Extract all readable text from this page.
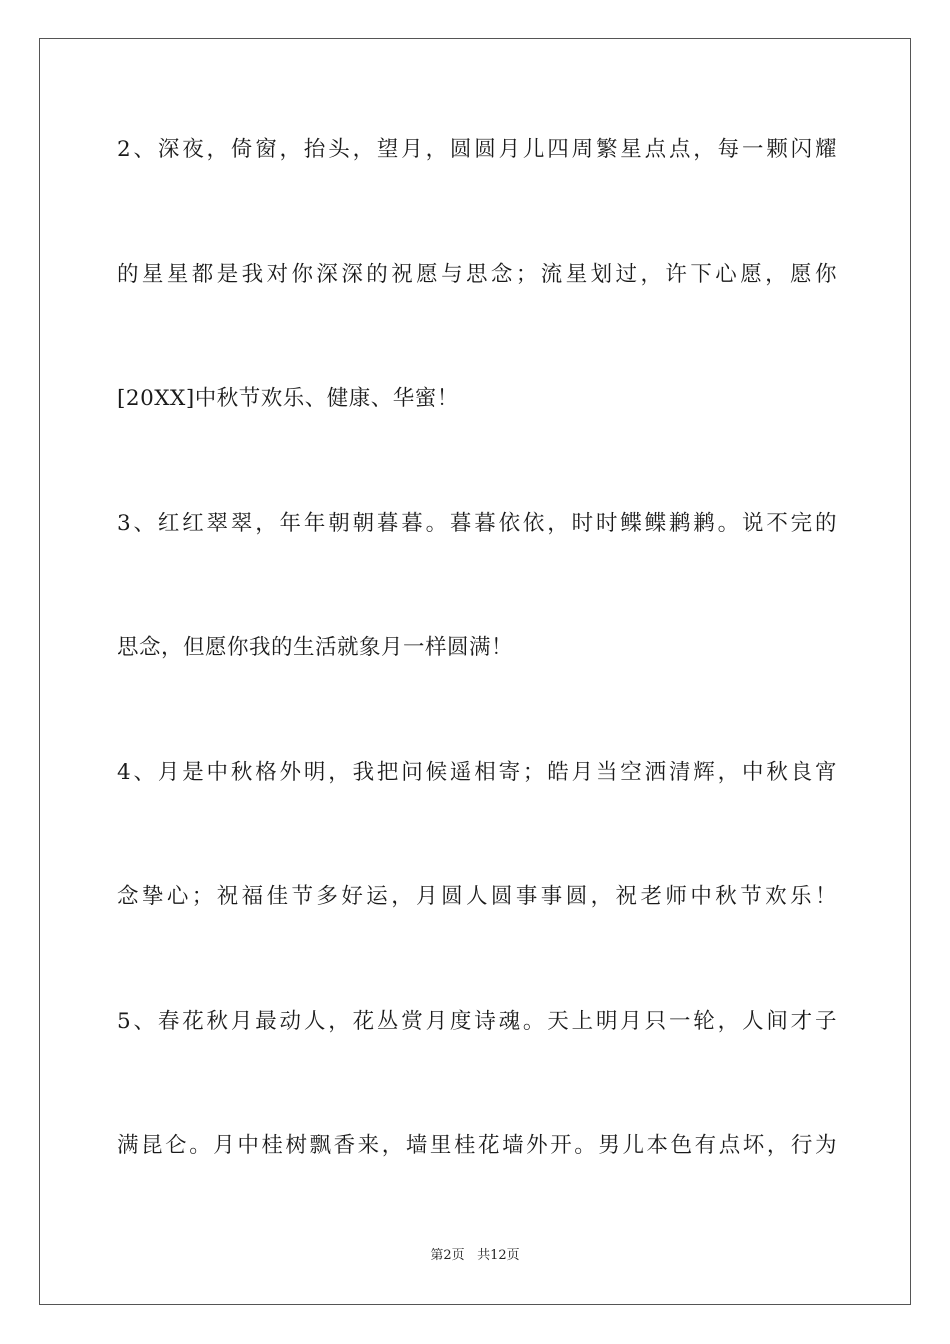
2、深夜，倚窗，抬头，望月，圆圆月儿四周繁星点点，每一颗闪耀

的星星都是我对你深深的祝愿与思念；流星划过，许下心愿，愿你

[20XX]中秋节欢乐、健康、华蜜！

3、红红翠翠，年年朝朝暮暮。暮暮依依，时时鲽鲽鹣鹣。说不完的

思念，但愿你我的生活就象月一样圆满！

4、月是中秋格外明，我把问候遥相寄；皓月当空洒清辉，中秋良宵

念挚心；祝福佳节多好运，月圆人圆事事圆，祝老师中秋节欢乐！

5、春花秋月最动人，花丛赏月度诗魂。天上明月只一轮，人间才子

满昆仑。月中桂树飘香来，墙里桂花墙外开。男儿本色有点坏，行为

第2页 共12页
